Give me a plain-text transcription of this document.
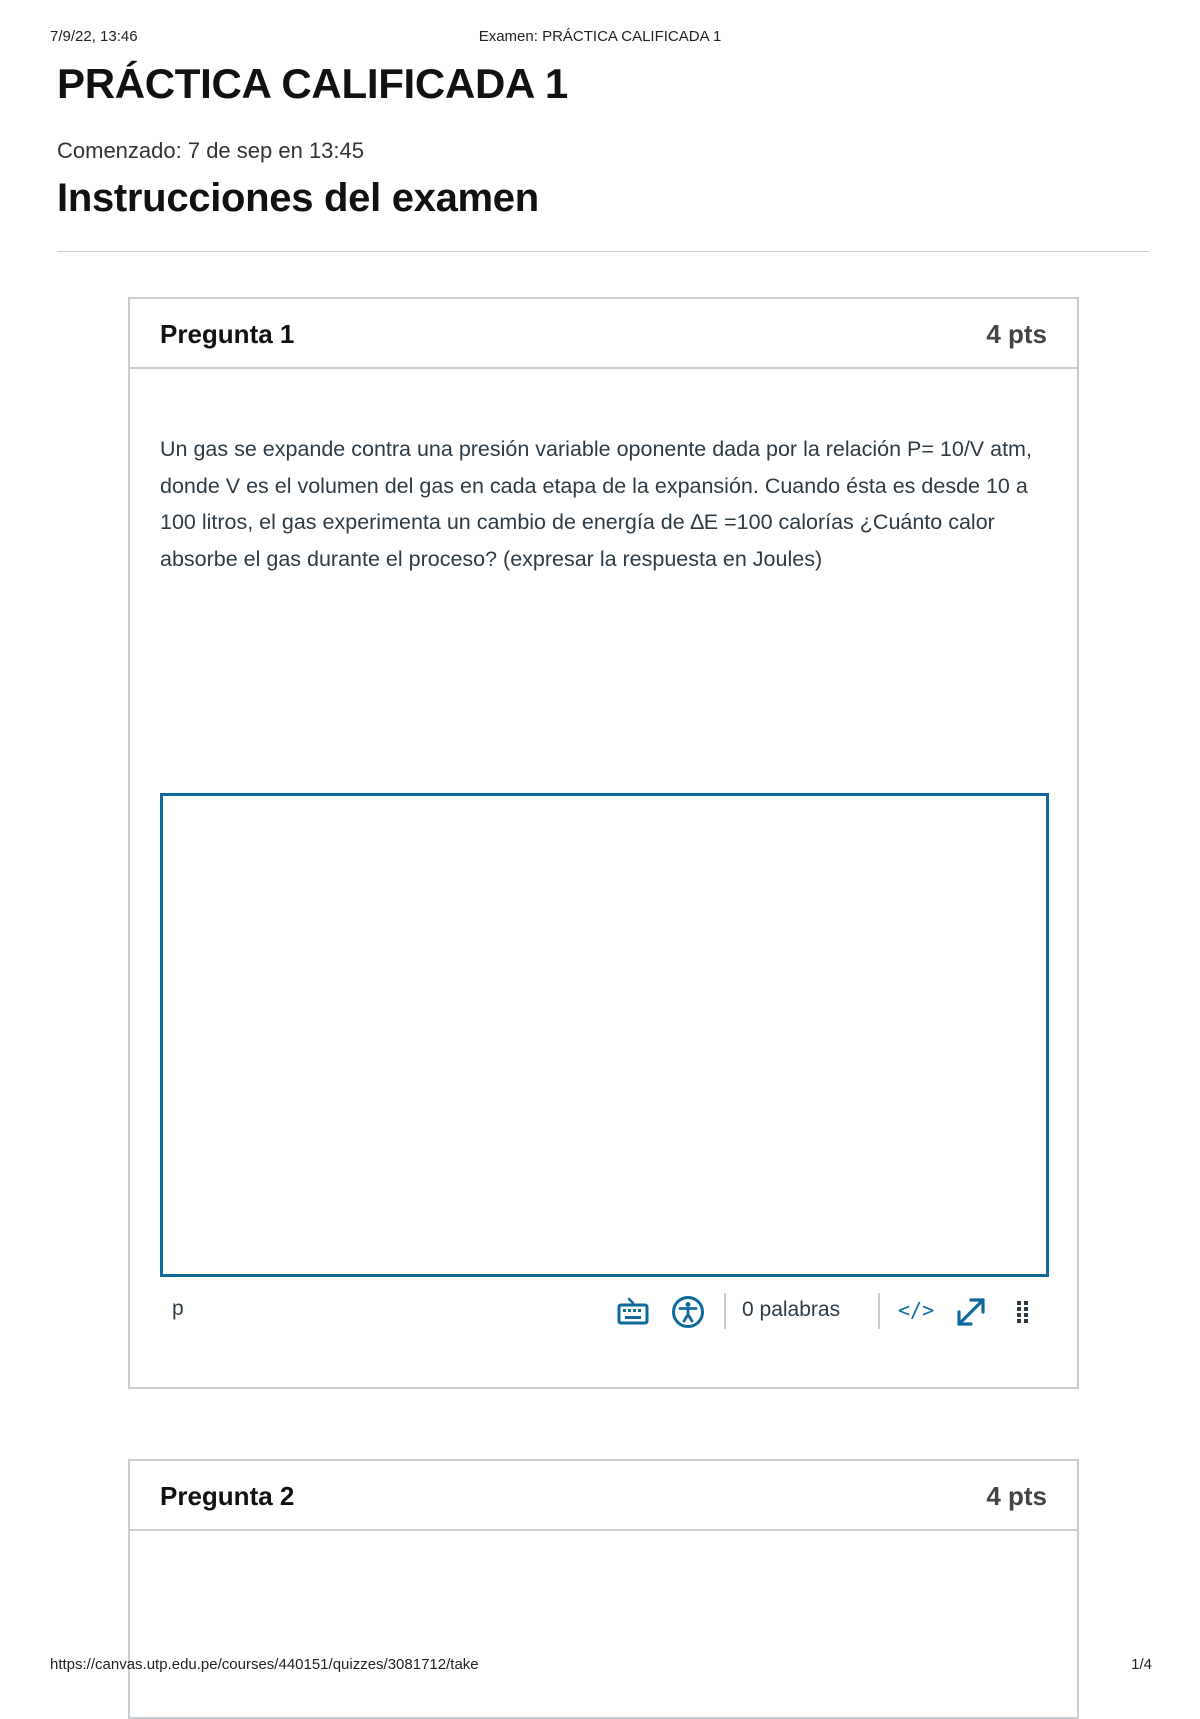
7/9/22, 13:46	Examen: PRÁCTICA CALIFICADA 1
PRÁCTICA CALIFICADA 1
Comenzado: 7 de sep en 13:45
Instrucciones del examen
Pregunta 1	4 pts

Un gas se expande contra una presión variable oponente dada por la relación P= 10/V atm, donde V es el volumen del gas en cada etapa de la expansión. Cuando ésta es desde 10 a 100 litros, el gas experimenta un cambio de energía de ∆E =100 calorías ¿Cuánto calor absorbe el gas durante el proceso? (expresar la respuesta en Joules)

p	0 palabras	</>
Pregunta 2	4 pts
https://canvas.utp.edu.pe/courses/440151/quizzes/3081712/take	1/4
